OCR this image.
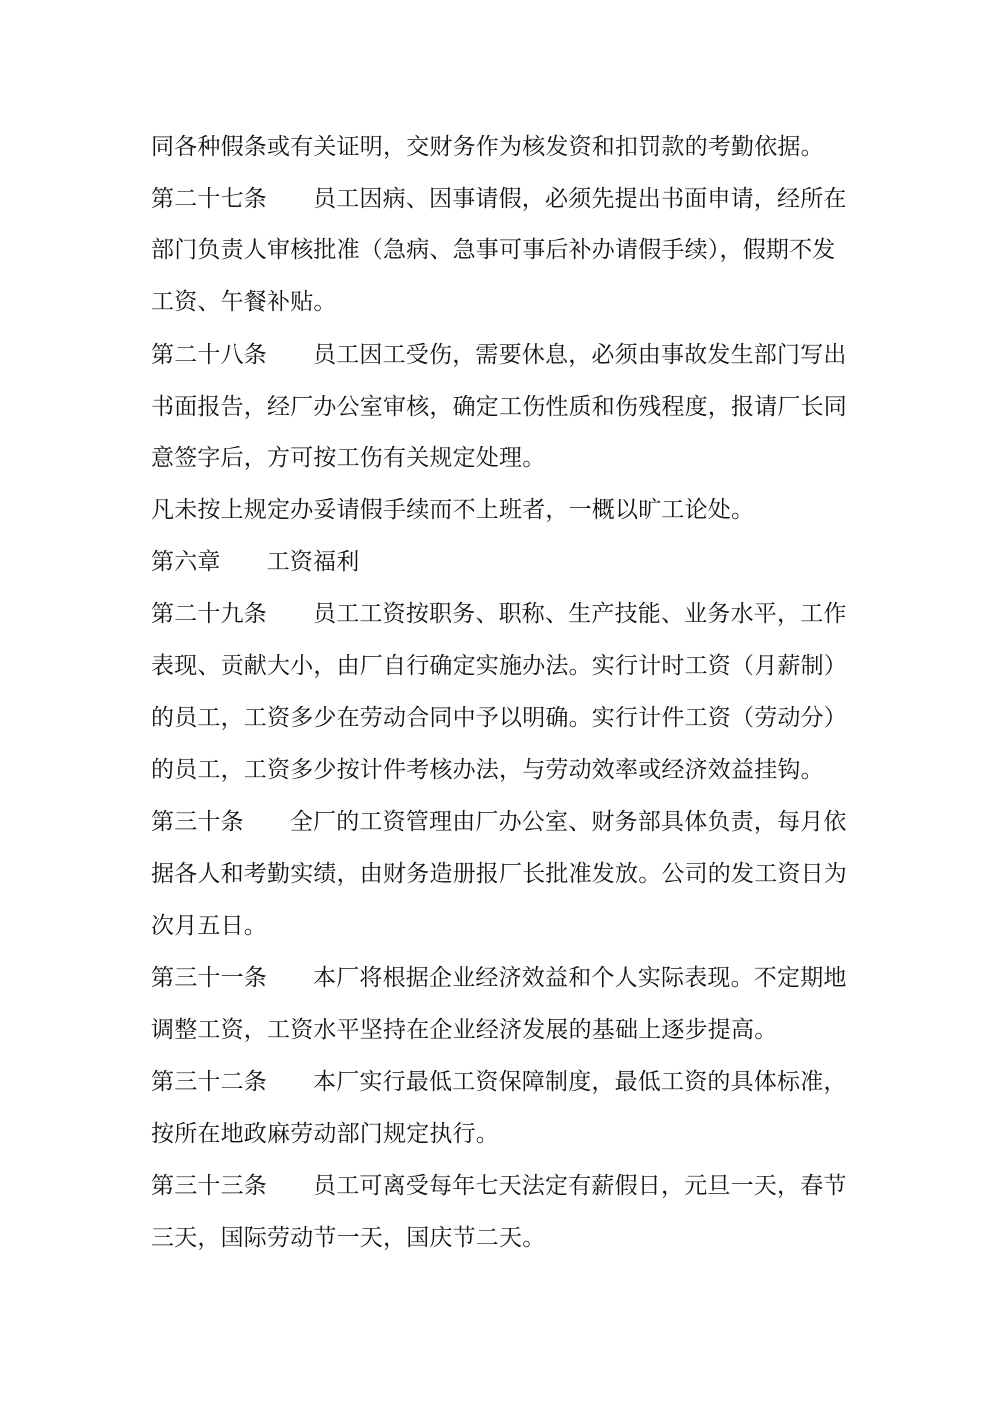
同各种假条或有关证明，交财务作为核发资和扣罚款的考勤依据。
第二十七条 员工因病、因事请假，必须先提出书面申请，经所在
部门负责人审核批准（急病、急事可事后补办请假手续），假期不发
工资、午餐补贴。
第二十八条 员工因工受伤，需要休息，必须由事故发生部门写出
书面报告，经厂办公室审核，确定工伤性质和伤残程度，报请厂长同
意签字后，方可按工伤有关规定处理。
凡未按上规定办妥请假手续而不上班者，一概以旷工论处。
第六章 工资福利
第二十九条 员工工资按职务、职称、生产技能、业务水平，工作
表现、贡献大小，由厂自行确定实施办法。实行计时工资（月薪制）
的员工，工资多少在劳动合同中予以明确。实行计件工资（劳动分）
的员工，工资多少按计件考核办法，与劳动效率或经济效益挂钩。
第三十条 全厂的工资管理由厂办公室、财务部具体负责，每月依
据各人和考勤实绩，由财务造册报厂长批准发放。公司的发工资日为
次月五日。
第三十一条 本厂将根据企业经济效益和个人实际表现。不定期地
调整工资，工资水平坚持在企业经济发展的基础上逐步提高。
第三十二条 本厂实行最低工资保障制度，最低工资的具体标准，
按所在地政麻劳动部门规定执行。
第三十三条 员工可离受每年七天法定有薪假日，元旦一天，春节
三天，国际劳动节一天，国庆节二天。
